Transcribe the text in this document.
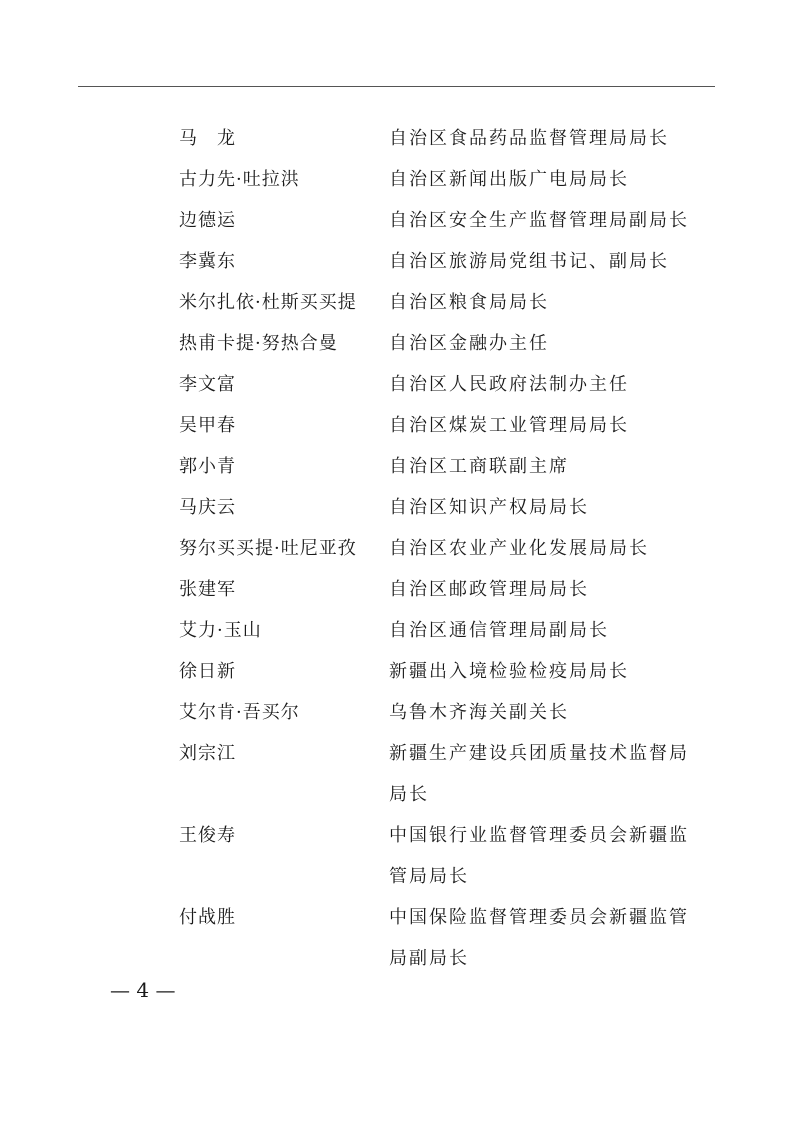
马　龙	自治区食品药品监督管理局局长
古力先·吐拉洪	自治区新闻出版广电局局长
边德运	自治区安全生产监督管理局副局长
李冀东	自治区旅游局党组书记、副局长
米尔扎依·杜斯买买提 自治区粮食局局长
热甫卡提·努热合曼	自治区金融办主任
李文富	自治区人民政府法制办主任
吴甲春	自治区煤炭工业管理局局长
郭小青	自治区工商联副主席
马庆云	自治区知识产权局局长
努尔买买提·吐尼亚孜 自治区农业产业化发展局局长
张建军	自治区邮政管理局局长
艾力·玉山	自治区通信管理局副局长
徐日新	新疆出入境检验检疫局局长
艾尔肯·吾买尔	乌鲁木齐海关副关长
刘宗江	新疆生产建设兵团质量技术监督局局长
王俊寿	中国银行业监督管理委员会新疆监管局局长
付战胜	中国保险监督管理委员会新疆监管局副局长
— 4 —
